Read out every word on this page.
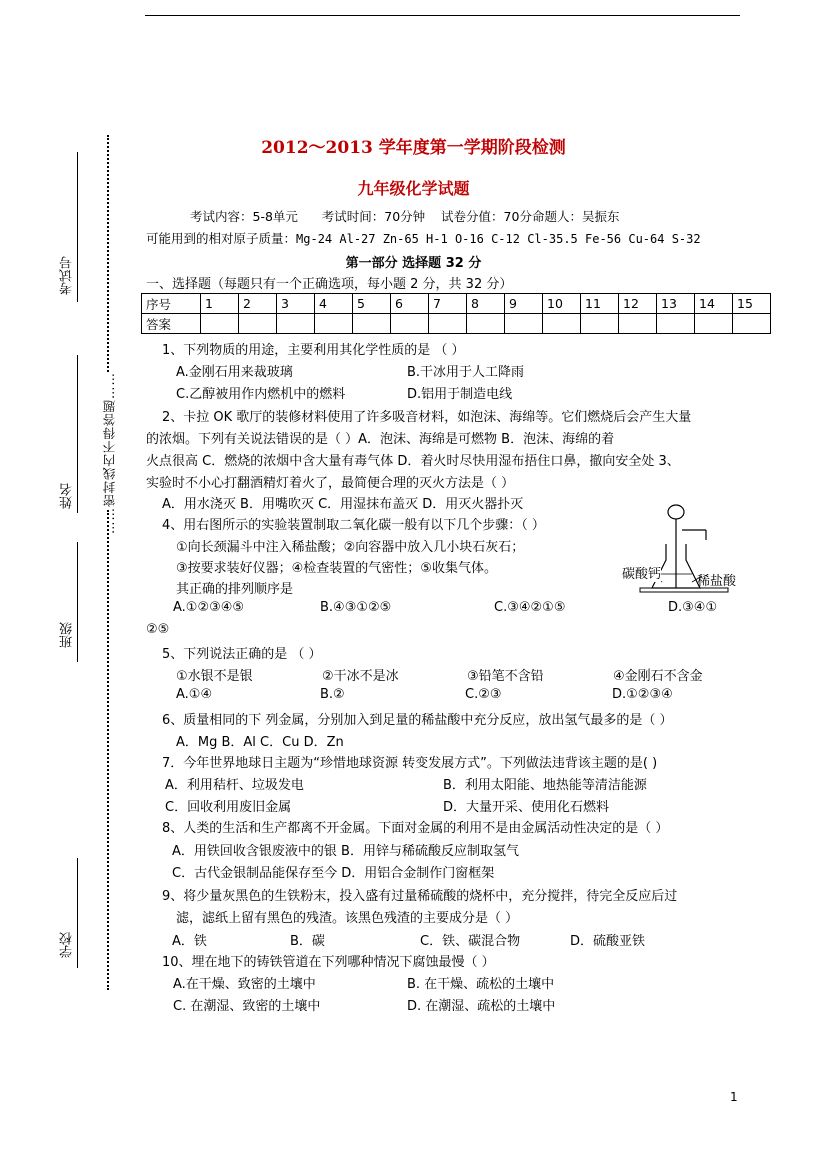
2012～2013 学年度第一学期阶段检测
九年级化学试题
考试内容：5-8单元      考试时间：70分钟    试卷分值：70分命题人：吴振东
可能用到的相对原子质量：Mg-24 Al-27 Zn-65 H-1 O-16 C-12 Cl-35.5 Fe-56 Cu-64 S-32
第一部分 选择题 32 分
一、选择题（每题只有一个正确选项，每小题 2 分，共 32 分）
序号	1	2	3	4	5	6	7	8	9	10	11	12	13	14	15
答案															
考试号
姓名
班级
学校
……密封线内不得答题……
1、下列物质的用途，主要利用其化学性质的是 （ ）
A.金刚石用来裁玻璃	B.干冰用于人工降雨
C.乙醇被用作内燃机中的燃料	D.铝用于制造电线
2、卡拉 OK 歌厅的装修材料使用了许多吸音材料，如泡沫、海绵等。它们燃烧后会产生大量
的浓烟。下列有关说法错误的是（ ）A．泡沫、海绵是可燃物 B．泡沫、海绵的着
火点很高 C．燃烧的浓烟中含大量有毒气体 D．着火时尽快用湿布捂住口鼻，撤向安全处 3、
实验时不小心打翻酒精灯着火了，最简便合理的灭火方法是（ ）
A．用水浇灭 B．用嘴吹灭 C．用湿抹布盖灭 D．用灭火器扑灭
4、用右图所示的实验装置制取二氧化碳一般有以下几个步骤：（ ）
①向长颈漏斗中注入稀盐酸；②向容器中放入几小块石灰石；
③按要求装好仪器；④检查装置的气密性；⑤收集气体。
其正确的排列顺序是
A.①②③④⑤	B.④③①②⑤	C.③④②①⑤	D.③④①
②⑤
碳酸钙	稀盐酸
5、下列说法正确的是 （ ）
①水银不是银	②干冰不是冰	③铅笔不含铅	④金刚石不含金
A.①④	B.②	C.②③	D.①②③④
6、质量相同的下 列金属，分别加入到足量的稀盐酸中充分反应，放出氢气最多的是（ ）
A．Mg B．Al C．Cu D．Zn
7．今年世界地球日主题为“珍惜地球资源 转变发展方式”。下列做法违背该主题的是( )
A．利用秸杆、垃圾发电	B．利用太阳能、地热能等清洁能源
C．回收利用废旧金属	D．大量开采、使用化石燃料
8、人类的生活和生产都离不开金属。下面对金属的利用不是由金属活动性决定的是（ ）
A．用铁回收含银废液中的银 B．用锌与稀硫酸反应制取氢气
C．古代金银制品能保存至今 D．用铝合金制作门窗框架
9、将少量灰黑色的生铁粉末，投入盛有过量稀硫酸的烧杯中，充分搅拌，待完全反应后过
滤，滤纸上留有黑色的残渣。该黑色残渣的主要成分是（ ）
A．铁	B．碳	C．铁、碳混合物	D．硫酸亚铁
10、埋在地下的铸铁管道在下列哪种情况下腐蚀最慢（ ）
A.在干燥、致密的土壤中	B. 在干燥、疏松的土壤中
C. 在潮湿、致密的土壤中	D. 在潮湿、疏松的土壤中
1
